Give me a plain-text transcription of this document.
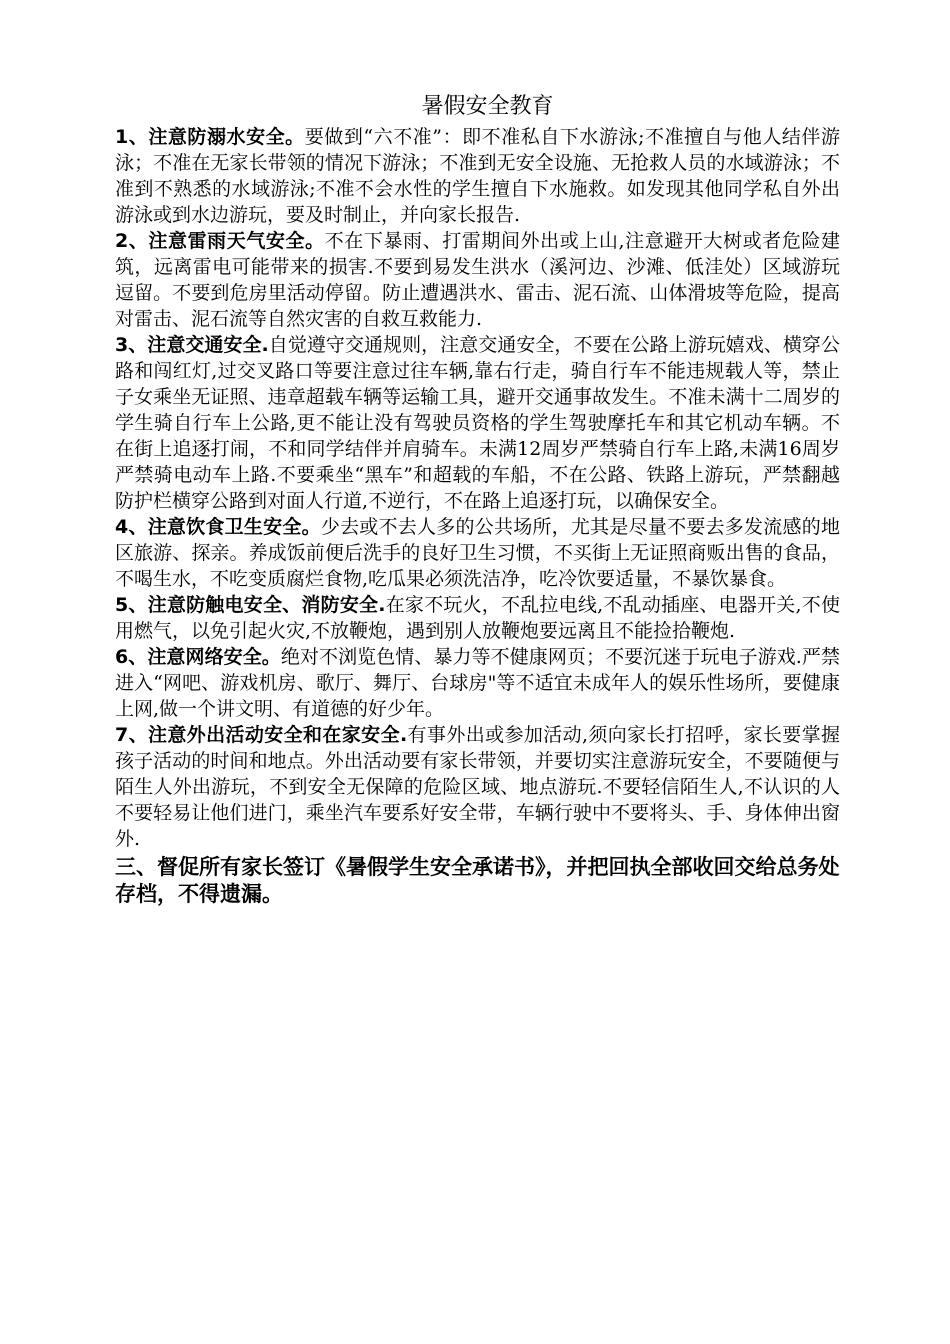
暑假安全教育

1、注意防溺水安全。要做到“六不准”：即不准私自下水游泳;不准擅自与他人结伴游泳；不准在无家长带领的情况下游泳；不准到无安全设施、无抢救人员的水域游泳；不准到不熟悉的水域游泳;不准不会水性的学生擅自下水施救。如发现其他同学私自外出游泳或到水边游玩，要及时制止，并向家长报告.

2、注意雷雨天气安全。不在下暴雨、打雷期间外出或上山,注意避开大树或者危险建筑，远离雷电可能带来的损害.不要到易发生洪水（溪河边、沙滩、低洼处）区域游玩逗留。不要到危房里活动停留。防止遭遇洪水、雷击、泥石流、山体滑坡等危险，提高对雷击、泥石流等自然灾害的自救互救能力.

3、注意交通安全.自觉遵守交通规则，注意交通安全，不要在公路上游玩嬉戏、横穿公路和闯红灯,过交叉路口等要注意过往车辆,靠右行走，骑自行车不能违规载人等，禁止子女乘坐无证照、违章超载车辆等运输工具，避开交通事故发生。不准未满十二周岁的学生骑自行车上公路,更不能让没有驾驶员资格的学生驾驶摩托车和其它机动车辆。不在街上追逐打闹，不和同学结伴并肩骑车。未满12周岁严禁骑自行车上路,未满16周岁严禁骑电动车上路.不要乘坐“黑车”和超载的车船，不在公路、铁路上游玩，严禁翻越防护栏横穿公路到对面人行道,不逆行，不在路上追逐打玩，以确保安全。

4、注意饮食卫生安全。少去或不去人多的公共场所，尤其是尽量不要去多发流感的地区旅游、探亲。养成饭前便后洗手的良好卫生习惯，不买街上无证照商贩出售的食品，不喝生水，不吃变质腐烂食物,吃瓜果必须洗洁净，吃冷饮要适量，不暴饮暴食。

5、注意防触电安全、消防安全.在家不玩火，不乱拉电线,不乱动插座、电器开关,不使用燃气，以免引起火灾,不放鞭炮，遇到别人放鞭炮要远离且不能捡拾鞭炮.

6、注意网络安全。绝对不浏览色情、暴力等不健康网页；不要沉迷于玩电子游戏.严禁进入“网吧、游戏机房、歌厅、舞厅、台球房"等不适宜未成年人的娱乐性场所，要健康上网,做一个讲文明、有道德的好少年。

7、注意外出活动安全和在家安全.有事外出或参加活动,须向家长打招呼，家长要掌握孩子活动的时间和地点。外出活动要有家长带领，并要切实注意游玩安全，不要随便与陌生人外出游玩，不到安全无保障的危险区域、地点游玩.不要轻信陌生人,不认识的人不要轻易让他们进门，乘坐汽车要系好安全带，车辆行驶中不要将头、手、身体伸出窗外.

三、督促所有家长签订《暑假学生安全承诺书》，并把回执全部收回交给总务处存档，不得遗漏。
